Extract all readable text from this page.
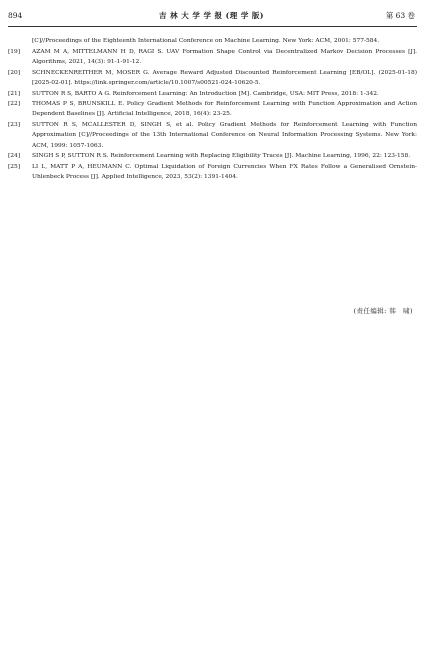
894	吉 林 大 学 学 报 (理 学 版)	第 63 卷
[C]//Proceedings of the Eighteenth International Conference on Machine Learning. New York: ACM, 2001: 577-584.
[19] AZAM M A, MITTELMANN H D, RAGI S. UAV Formation Shape Control via Decentralized Markov Decision Processes [J]. Algorithms, 2021, 14(3): 91-1-91-12.
[20] SCHNECKENREITHER M, MOSER G. Average Reward Adjusted Discounted Reinforcement Learning [EB/OL]. (2025-01-18)[2025-02-01]. https://link.springer.com/article/10.1007/s00521-024-10620-5.
[21] SUTTON R S, BARTO A G. Reinforcement Learning: An Introduction [M]. Cambridge, USA: MIT Press, 2018: 1-342.
[22] THOMAS P S, BRUNSKILL E. Policy Gradient Methods for Reinforcement Learning with Function Approximation and Action Dependent Baselines [J]. Artificial Intelligence, 2018, 16(4): 23-25.
[23] SUTTON R S, MCALLESTER D, SINGH S, et al. Policy Gradient Methods for Reinforcement Learning with Function Approximation [C]//Proceedings of the 13th International Conference on Neural Information Processing Systems. New York: ACM, 1999: 1057-1063.
[24] SINGH S P, SUTTON R S. Reinforcement Learning with Replacing Eligibility Traces [J]. Machine Learning, 1996, 22: 123-158.
[25] LI L, MATT P A, HEUMANN C. Optimal Liquidation of Foreign Currencies When FX Rates Follow a Generalised Ornstein-Uhlenbeck Process [J]. Applied Intelligence, 2023, 53(2): 1391-1404.
(责任编辑: 韩　啸)
